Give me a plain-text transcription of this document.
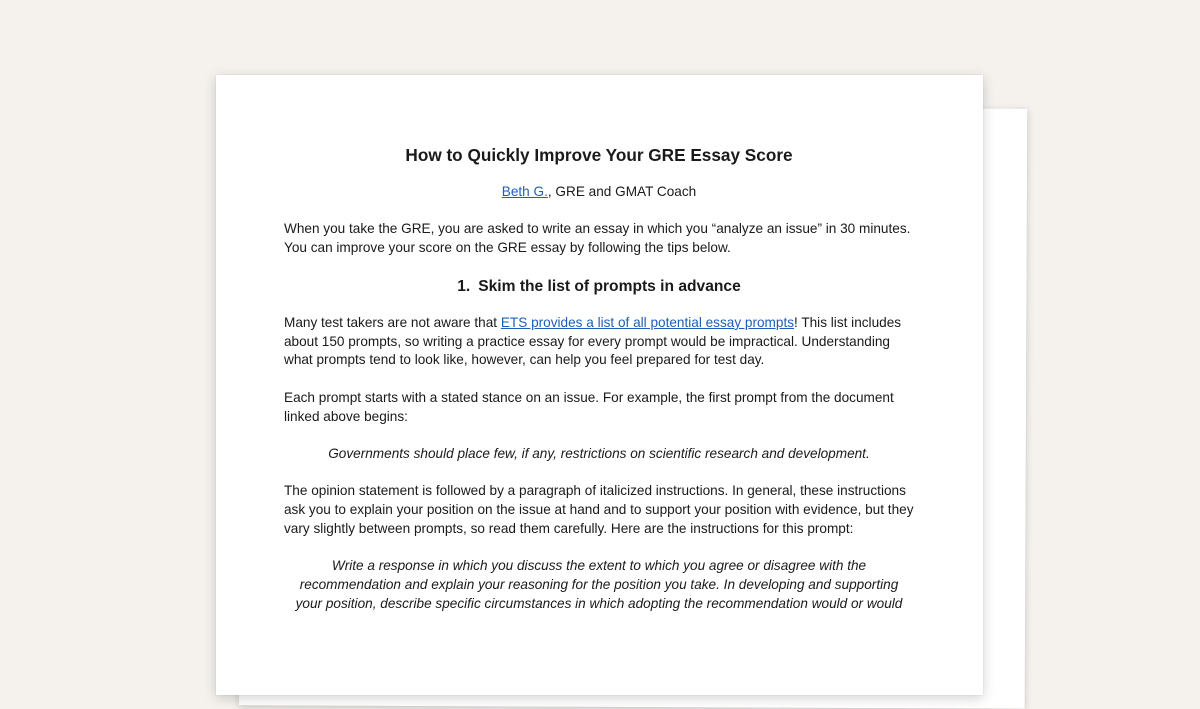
How to Quickly Improve Your GRE Essay Score
Beth G., GRE and GMAT Coach

When you take the GRE, you are asked to write an essay in which you “analyze an issue” in 30 minutes. You can improve your score on the GRE essay by following the tips below.

1. Skim the list of prompts in advance

Many test takers are not aware that ETS provides a list of all potential essay prompts! This list includes about 150 prompts, so writing a practice essay for every prompt would be impractical. Understanding what prompts tend to look like, however, can help you feel prepared for test day.

Each prompt starts with a stated stance on an issue. For example, the first prompt from the document linked above begins:

Governments should place few, if any, restrictions on scientific research and development.

The opinion statement is followed by a paragraph of italicized instructions. In general, these instructions ask you to explain your position on the issue at hand and to support your position with evidence, but they vary slightly between prompts, so read them carefully. Here are the instructions for this prompt:

Write a response in which you discuss the extent to which you agree or disagree with the recommendation and explain your reasoning for the position you take. In developing and supporting your position, describe specific circumstances in which adopting the recommendation would or would
